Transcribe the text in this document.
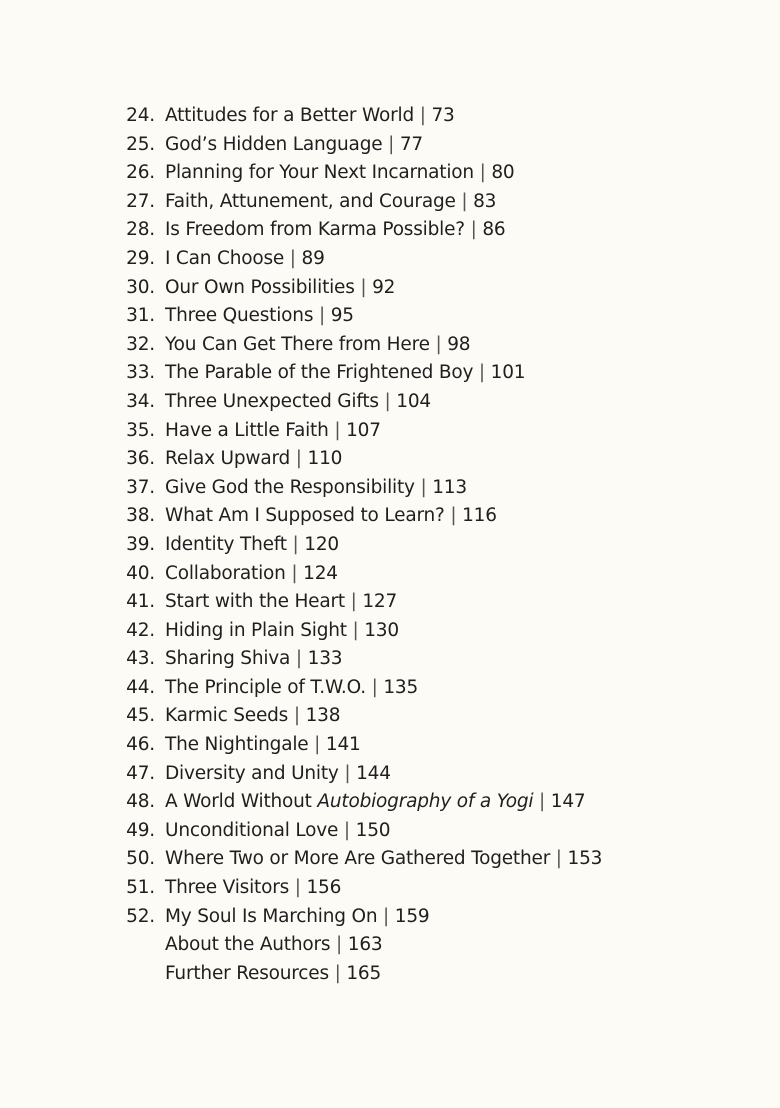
24. Attitudes for a Better World | 73
25. God’s Hidden Language | 77
26. Planning for Your Next Incarnation | 80
27. Faith, Attunement, and Courage | 83
28. Is Freedom from Karma Possible? | 86
29. I Can Choose | 89
30. Our Own Possibilities | 92
31. Three Questions | 95
32. You Can Get There from Here | 98
33. The Parable of the Frightened Boy | 101
34. Three Unexpected Gifts | 104
35. Have a Little Faith | 107
36. Relax Upward | 110
37. Give God the Responsibility | 113
38. What Am I Supposed to Learn? | 116
39. Identity Theft | 120
40. Collaboration | 124
41. Start with the Heart | 127
42. Hiding in Plain Sight | 130
43. Sharing Shiva | 133
44. The Principle of T.W.O. | 135
45. Karmic Seeds | 138
46. The Nightingale | 141
47. Diversity and Unity | 144
48. A World Without Autobiography of a Yogi | 147
49. Unconditional Love | 150
50. Where Two or More Are Gathered Together | 153
51. Three Visitors | 156
52. My Soul Is Marching On | 159
About the Authors | 163
Further Resources | 165
